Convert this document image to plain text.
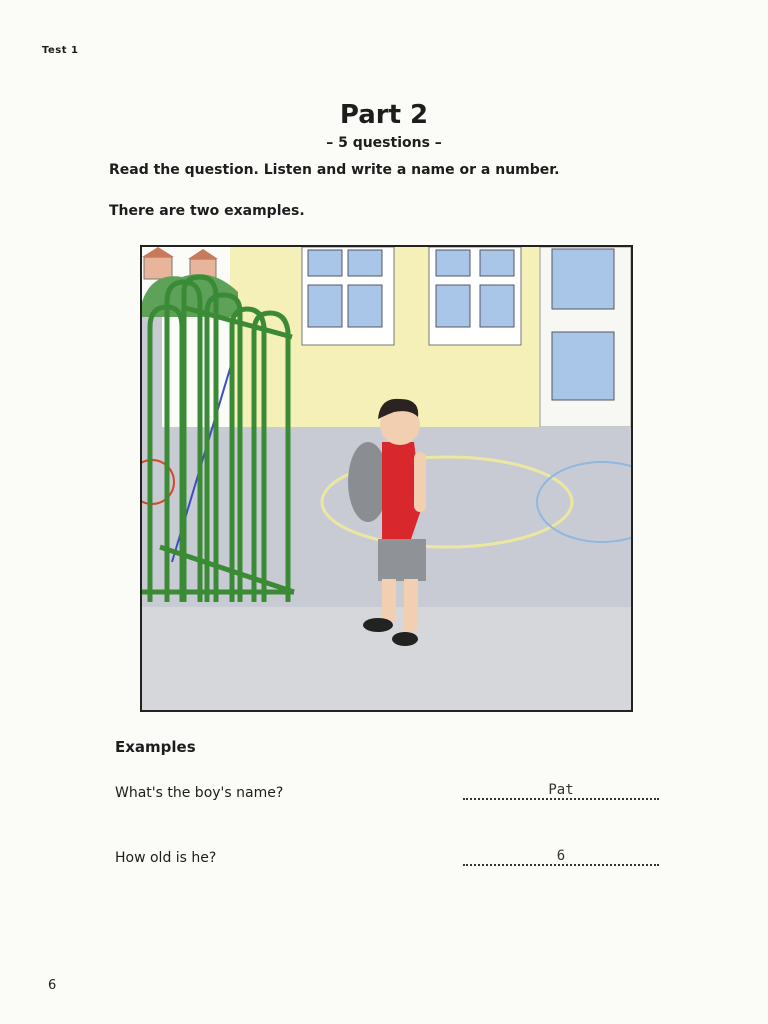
Test 1
Part 2
– 5 questions –
Read the question. Listen and write a name or a number.
There are two examples.
Examples
What's the boy's name?	Pat
How old is he?	6
6
